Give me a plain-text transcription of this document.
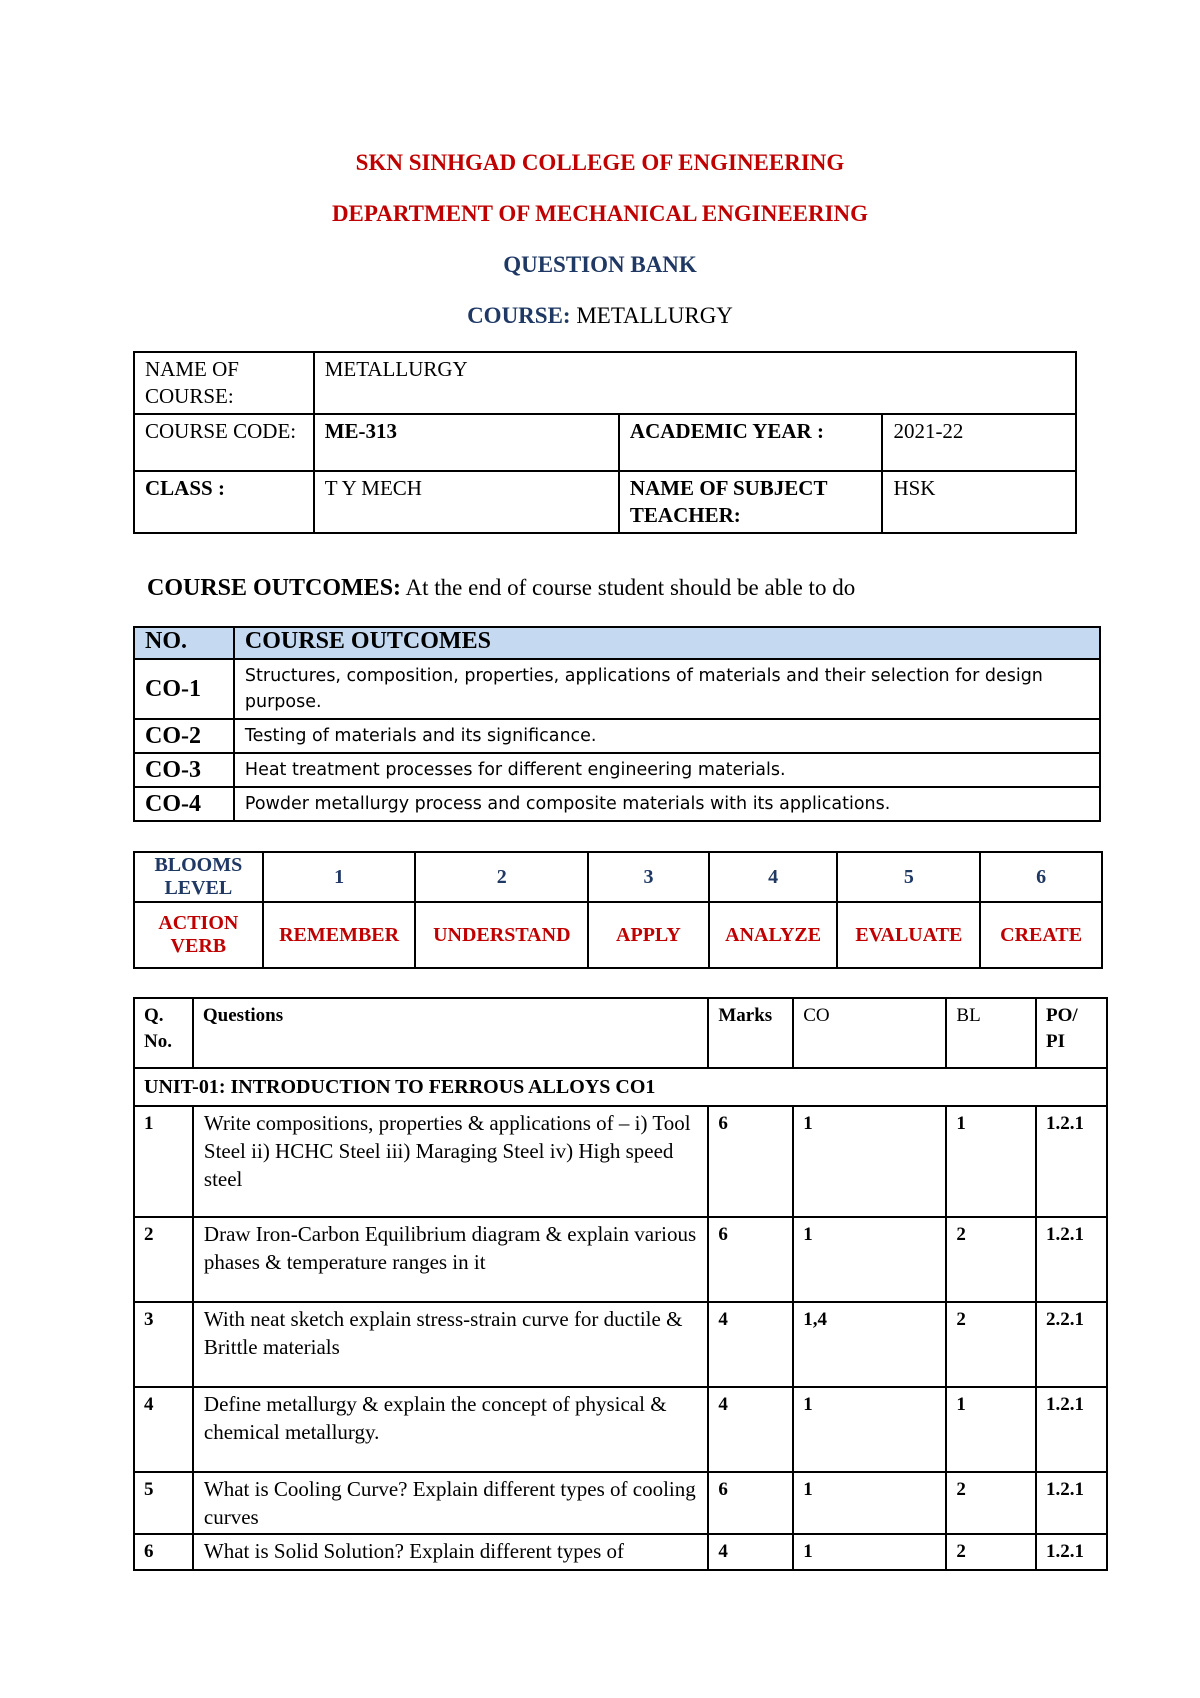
SKN SINHGAD COLLEGE OF ENGINEERING
DEPARTMENT OF MECHANICAL ENGINEERING
QUESTION BANK
COURSE: METALLURGY
NAME OF COURSE:	METALLURGY		
COURSE CODE:	ME-313	ACADEMIC YEAR :	2021-22
CLASS :	T Y MECH	NAME OF SUBJECT TEACHER:	HSK
COURSE OUTCOMES: At the end of course student should be able to do
NO.	COURSE OUTCOMES
CO-1	Structures, composition, properties, applications of materials and their selection for design purpose.
CO-2	Testing of materials and its significance.
CO-3	Heat treatment processes for different engineering materials.
CO-4	Powder metallurgy process and composite materials with its applications.
BLOOMS LEVEL	1	2	3	4	5	6
ACTION VERB	REMEMBER	UNDERSTAND	APPLY	ANALYZE	EVALUATE	CREATE
Q. No.	Questions	Marks	CO	BL	PO/ PI
UNIT-01: INTRODUCTION TO FERROUS ALLOYS CO1					
1	Write compositions, properties & applications of – i) Tool Steel ii) HCHC Steel iii) Maraging Steel iv) High speed steel	6	1	1	1.2.1
2	Draw Iron-Carbon Equilibrium diagram & explain various phases & temperature ranges in it	6	1	2	1.2.1
3	With neat sketch explain stress-strain curve for ductile & Brittle materials	4	1,4	2	2.2.1
4	Define metallurgy & explain the concept of physical & chemical metallurgy.	4	1	1	1.2.1
5	What is Cooling Curve? Explain different types of cooling curves	6	1	2	1.2.1
6	What is Solid Solution? Explain different types of	4	1	2	1.2.1
